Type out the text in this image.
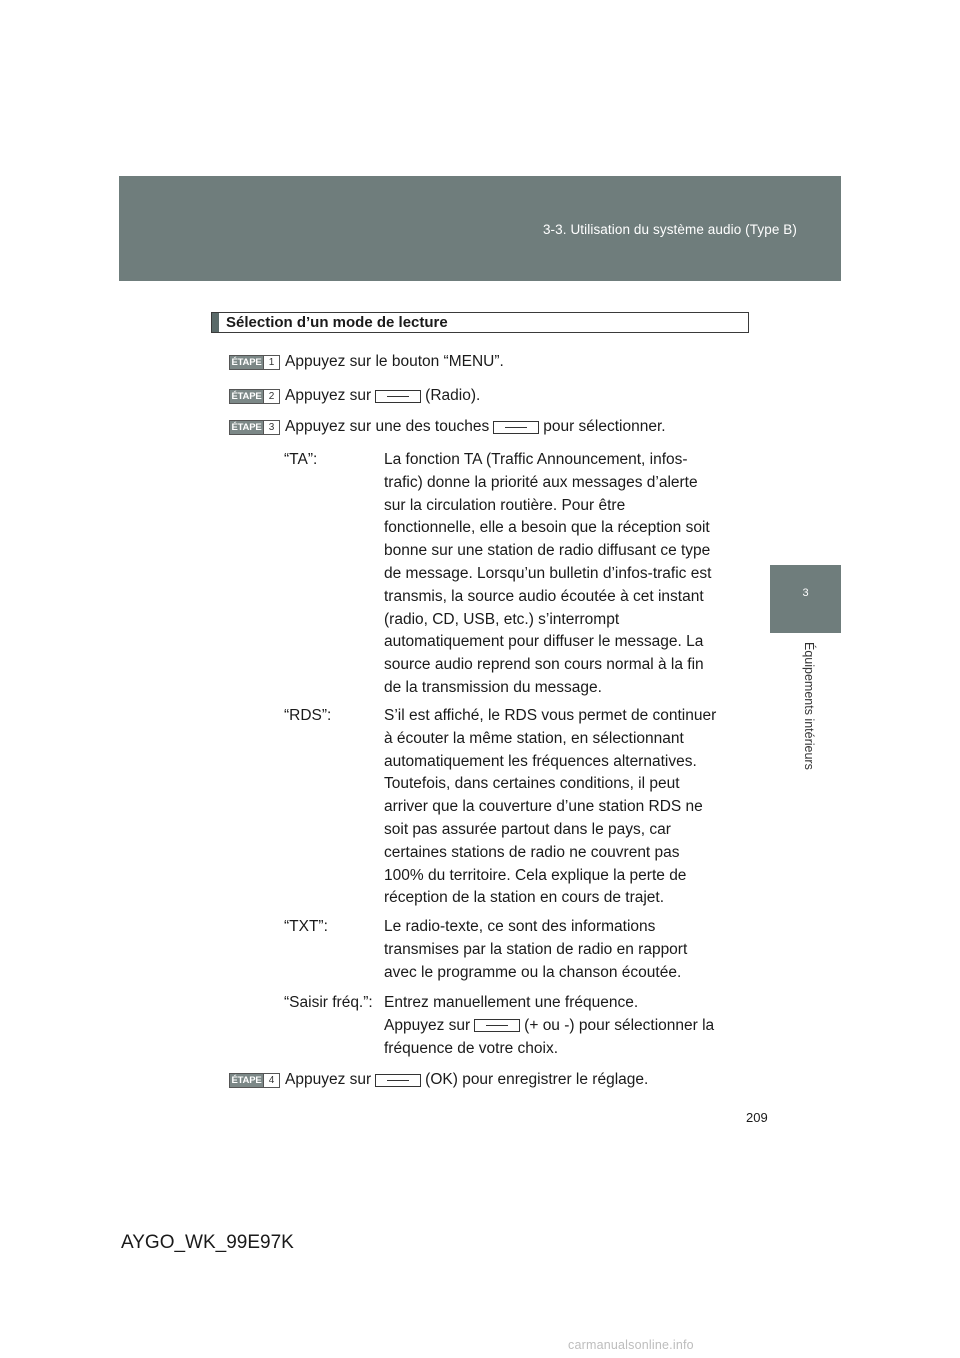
3-3. Utilisation du système audio (Type B)
3
Équipements intérieurs
Sélection d’un mode de lecture
ÉTAPE 1 Appuyez sur le bouton “MENU”.
ÉTAPE 2 Appuyez sur	(Radio).
ÉTAPE 3 Appuyez sur une des touches	pour sélectionner.
“TA”:	La fonction TA (Traffic Announcement, infos-
trafic) donne la priorité aux messages d’alerte
sur la circulation routière. Pour être
fonctionnelle, elle a besoin que la réception soit
bonne sur une station de radio diffusant ce type
de message. Lorsqu’un bulletin d’infos-trafic est
transmis, la source audio écoutée à cet instant
(radio, CD, USB, etc.) s’interrompt
automatiquement pour diffuser le message. La
source audio reprend son cours normal à la fin
de la transmission du message.
“RDS”:	S’il est affiché, le RDS vous permet de continuer
à écouter la même station, en sélectionnant
automatiquement les fréquences alternatives.
Toutefois, dans certaines conditions, il peut
arriver que la couverture d’une station RDS ne
soit pas assurée partout dans le pays, car
certaines stations de radio ne couvrent pas
100% du territoire. Cela explique la perte de
réception de la station en cours de trajet.
“TXT”:	Le radio-texte, ce sont des informations
transmises par la station de radio en rapport
avec le programme ou la chanson écoutée.
“Saisir fréq.”: Entrez manuellement une fréquence.
Appuyez sur	(+ ou -) pour sélectionner la
fréquence de votre choix.
ÉTAPE 4 Appuyez sur	(OK) pour enregistrer le réglage.
209
AYGO_WK_99E97K
carmanualsonline.info
